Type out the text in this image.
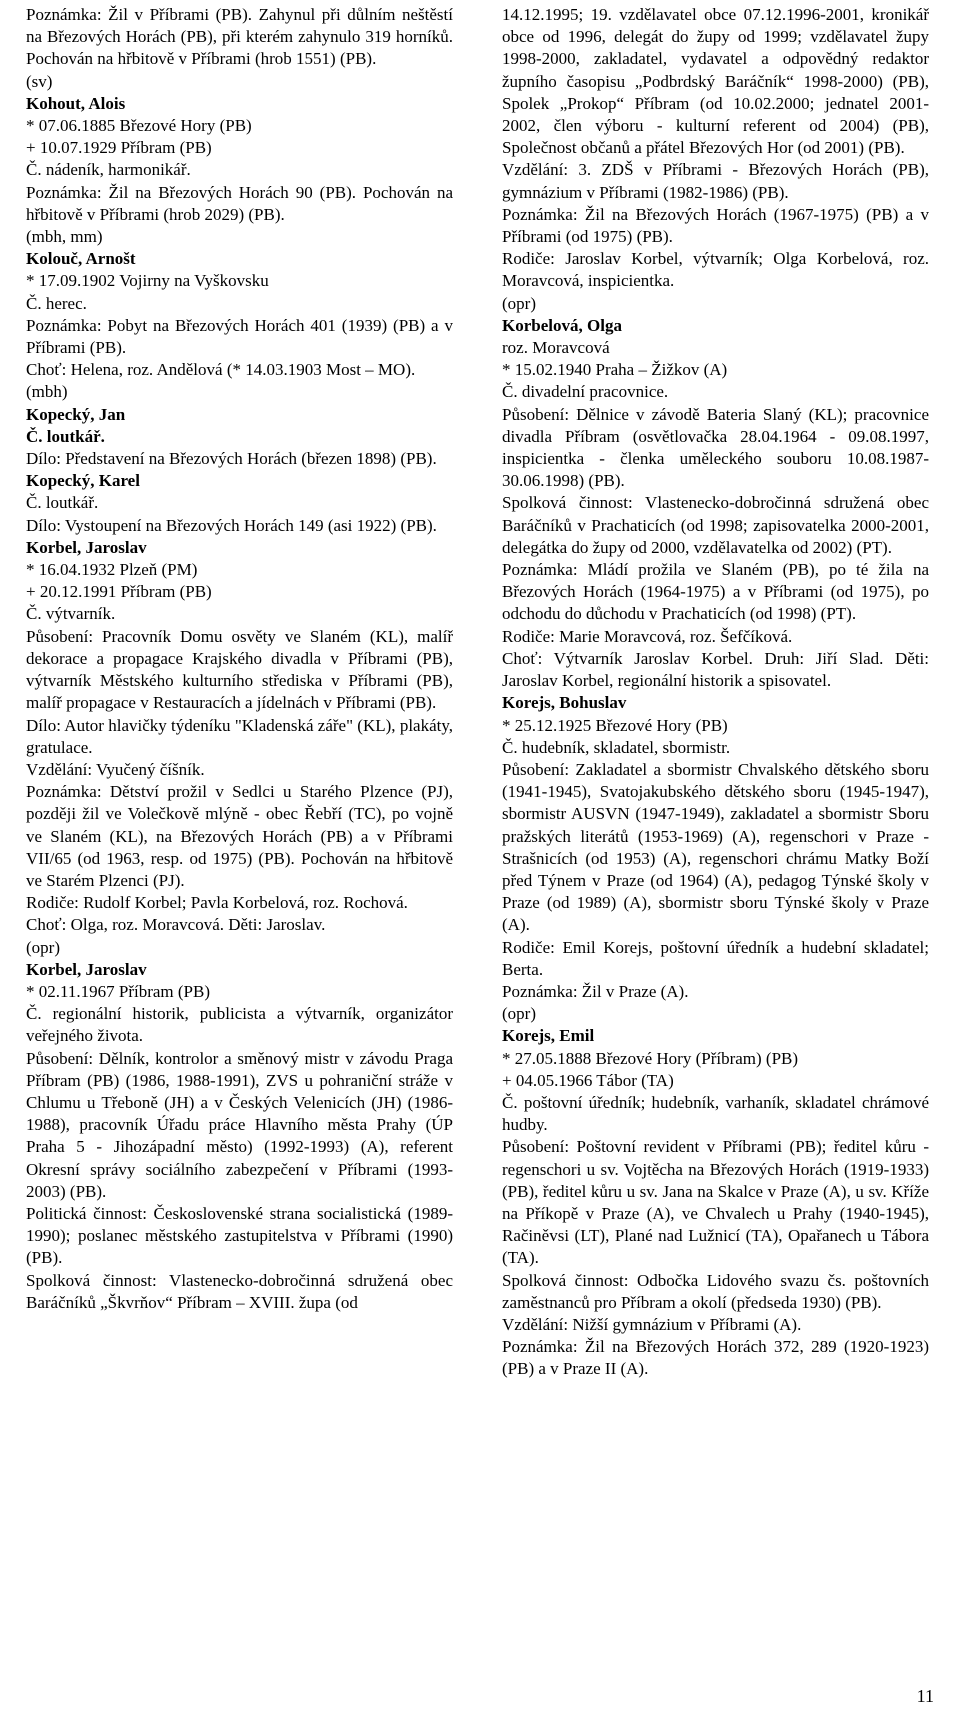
Poznámka: Žil v Příbrami (PB). Zahynul při důlním neštěstí na Březových Horách (PB), při kterém zahynulo 319 horníků. Pochován na hřbitově v Příbrami (hrob 1551) (PB).

(sv)

Kohout, Alois

* 07.06.1885 Březové Hory (PB)

+ 10.07.1929 Příbram (PB)

Č. nádeník, harmonikář.

Poznámka: Žil na Březových Horách 90 (PB). Pochován na hřbitově v Příbrami (hrob 2029) (PB).

(mbh, mm)

Kolouč, Arnošt

* 17.09.1902 Vojirny na Vyškovsku

Č. herec.

Poznámka: Pobyt na Březových Horách 401 (1939) (PB) a v Příbrami (PB).

Choť: Helena, roz. Andělová (* 14.03.1903 Most – MO).

(mbh)

Kopecký, Jan

Č. loutkář.

Dílo: Představení na Březových Horách (březen 1898) (PB).

Kopecký, Karel

Č. loutkář.

Dílo: Vystoupení na Březových Horách 149 (asi 1922) (PB).

Korbel, Jaroslav

* 16.04.1932 Plzeň (PM)

+ 20.12.1991 Příbram (PB)

Č. výtvarník.

Působení: Pracovník Domu osvěty ve Slaném (KL), malíř dekorace a propagace Krajského divadla v Příbrami (PB), výtvarník Městského kulturního střediska v Příbrami (PB), malíř propagace v Restauracích a jídelnách v Příbrami (PB).

Dílo: Autor hlavičky týdeníku "Kladenská záře" (KL), plakáty, gratulace.

Vzdělání: Vyučený číšník.

Poznámka: Dětství prožil v Sedlci u Starého Plzence (PJ), později žil ve Volečkově mlýně - obec Řebří (TC), po vojně ve Slaném (KL), na Březových Horách (PB) a v Příbrami VII/65 (od 1963, resp. od 1975) (PB). Pochován na hřbitově ve Starém Plzenci (PJ).

Rodiče: Rudolf Korbel; Pavla Korbelová, roz. Rochová.

Choť: Olga, roz. Moravcová. Děti: Jaroslav.

(opr)

Korbel, Jaroslav

* 02.11.1967 Příbram (PB)

Č. regionální historik, publicista a výtvarník, organizátor veřejného života.

Působení: Dělník, kontrolor a směnový mistr v závodu Praga Příbram (PB) (1986, 1988-1991), ZVS u pohraniční stráže v Chlumu u Třeboně (JH) a v Českých Velenicích (JH) (1986-1988), pracovník Úřadu práce Hlavního města Prahy (ÚP Praha 5 - Jihozápadní město) (1992-1993) (A), referent Okresní správy sociálního zabezpečení v Příbrami (1993-2003) (PB).

Politická činnost: Československé strana socialistická (1989-1990); poslanec městského zastupitelstva v Příbrami (1990) (PB).

Spolková činnost: Vlastenecko-dobročinná sdružená obec Baráčníků „Škvrňov“ Příbram – XVIII. župa (od

14.12.1995; 19. vzdělavatel obce 07.12.1996-2001, kronikář obce od 1996, delegát do župy od 1999; vzdělavatel župy 1998-2000, zakladatel, vydavatel a odpovědný redaktor župního časopisu „Podbrdský Baráčník“ 1998-2000) (PB), Spolek „Prokop“ Příbram (od 10.02.2000; jednatel 2001-2002, člen výboru - kulturní referent od 2004) (PB), Společnost občanů a přátel Březových Hor (od 2001) (PB).

Vzdělání: 3. ZDŠ v Příbrami - Březových Horách (PB), gymnázium v Příbrami (1982-1986) (PB).

Poznámka: Žil na Březových Horách (1967-1975) (PB) a v Příbrami (od 1975) (PB).

Rodiče: Jaroslav Korbel, výtvarník; Olga Korbelová, roz. Moravcová, inspicientka.

(opr)

Korbelová, Olga

roz. Moravcová

* 15.02.1940 Praha – Žižkov (A)

Č. divadelní pracovnice.

Působení: Dělnice v závodě Bateria Slaný (KL); pracovnice divadla Příbram (osvětlovačka 28.04.1964 - 09.08.1997, inspicientka - členka uměleckého souboru 10.08.1987-30.06.1998) (PB).

Spolková činnost: Vlastenecko-dobročinná sdružená obec Baráčníků v Prachaticích (od 1998; zapisovatelka 2000-2001, delegátka do župy od 2000, vzdělavatelka od 2002) (PT).

Poznámka: Mládí prožila ve Slaném (PB), po té žila na Březových Horách (1964-1975) a v Příbrami (od 1975), po odchodu do důchodu v Prachaticích (od 1998) (PT).

Rodiče: Marie Moravcová, roz. Šefčíková.

Choť: Výtvarník Jaroslav Korbel. Druh: Jiří Slad. Děti: Jaroslav Korbel, regionální historik a spisovatel.

Korejs, Bohuslav

* 25.12.1925 Březové Hory (PB)

Č. hudebník, skladatel, sbormistr.

Působení: Zakladatel a sbormistr Chvalského dětského sboru (1941-1945), Svatojakubského dětského sboru (1945-1947), sbormistr AUSVN (1947-1949), zakladatel a sbormistr Sboru pražských literátů (1953-1969) (A), regenschori v Praze - Strašnicích (od 1953) (A), regenschori chrámu Matky Boží před Týnem v Praze (od 1964) (A), pedagog Týnské školy v Praze (od 1989) (A), sbormistr sboru Týnské školy v Praze (A).

Rodiče: Emil Korejs, poštovní úředník a hudební skladatel; Berta.

Poznámka: Žil v Praze (A).

(opr)

Korejs, Emil

* 27.05.1888 Březové Hory (Příbram) (PB)

+ 04.05.1966 Tábor (TA)

Č. poštovní úředník; hudebník, varhaník, skladatel chrámové hudby.

Působení: Poštovní revident v Příbrami (PB); ředitel kůru - regenschori u sv. Vojtěcha na Březových Horách (1919-1933) (PB), ředitel kůru u sv. Jana na Skalce v Praze (A), u sv. Kříže na Příkopě v Praze (A), ve Chvalech u Prahy (1940-1945), Račiněvsi (LT), Plané nad Lužnicí (TA), Opařanech u Tábora (TA).

Spolková činnost: Odbočka Lidového svazu čs. poštovních zaměstnanců pro Příbram a okolí (předseda 1930) (PB).

Vzdělání: Nižší gymnázium v Příbrami (A).

Poznámka: Žil na Březových Horách 372, 289 (1920-1923) (PB) a v Praze II (A).

11
